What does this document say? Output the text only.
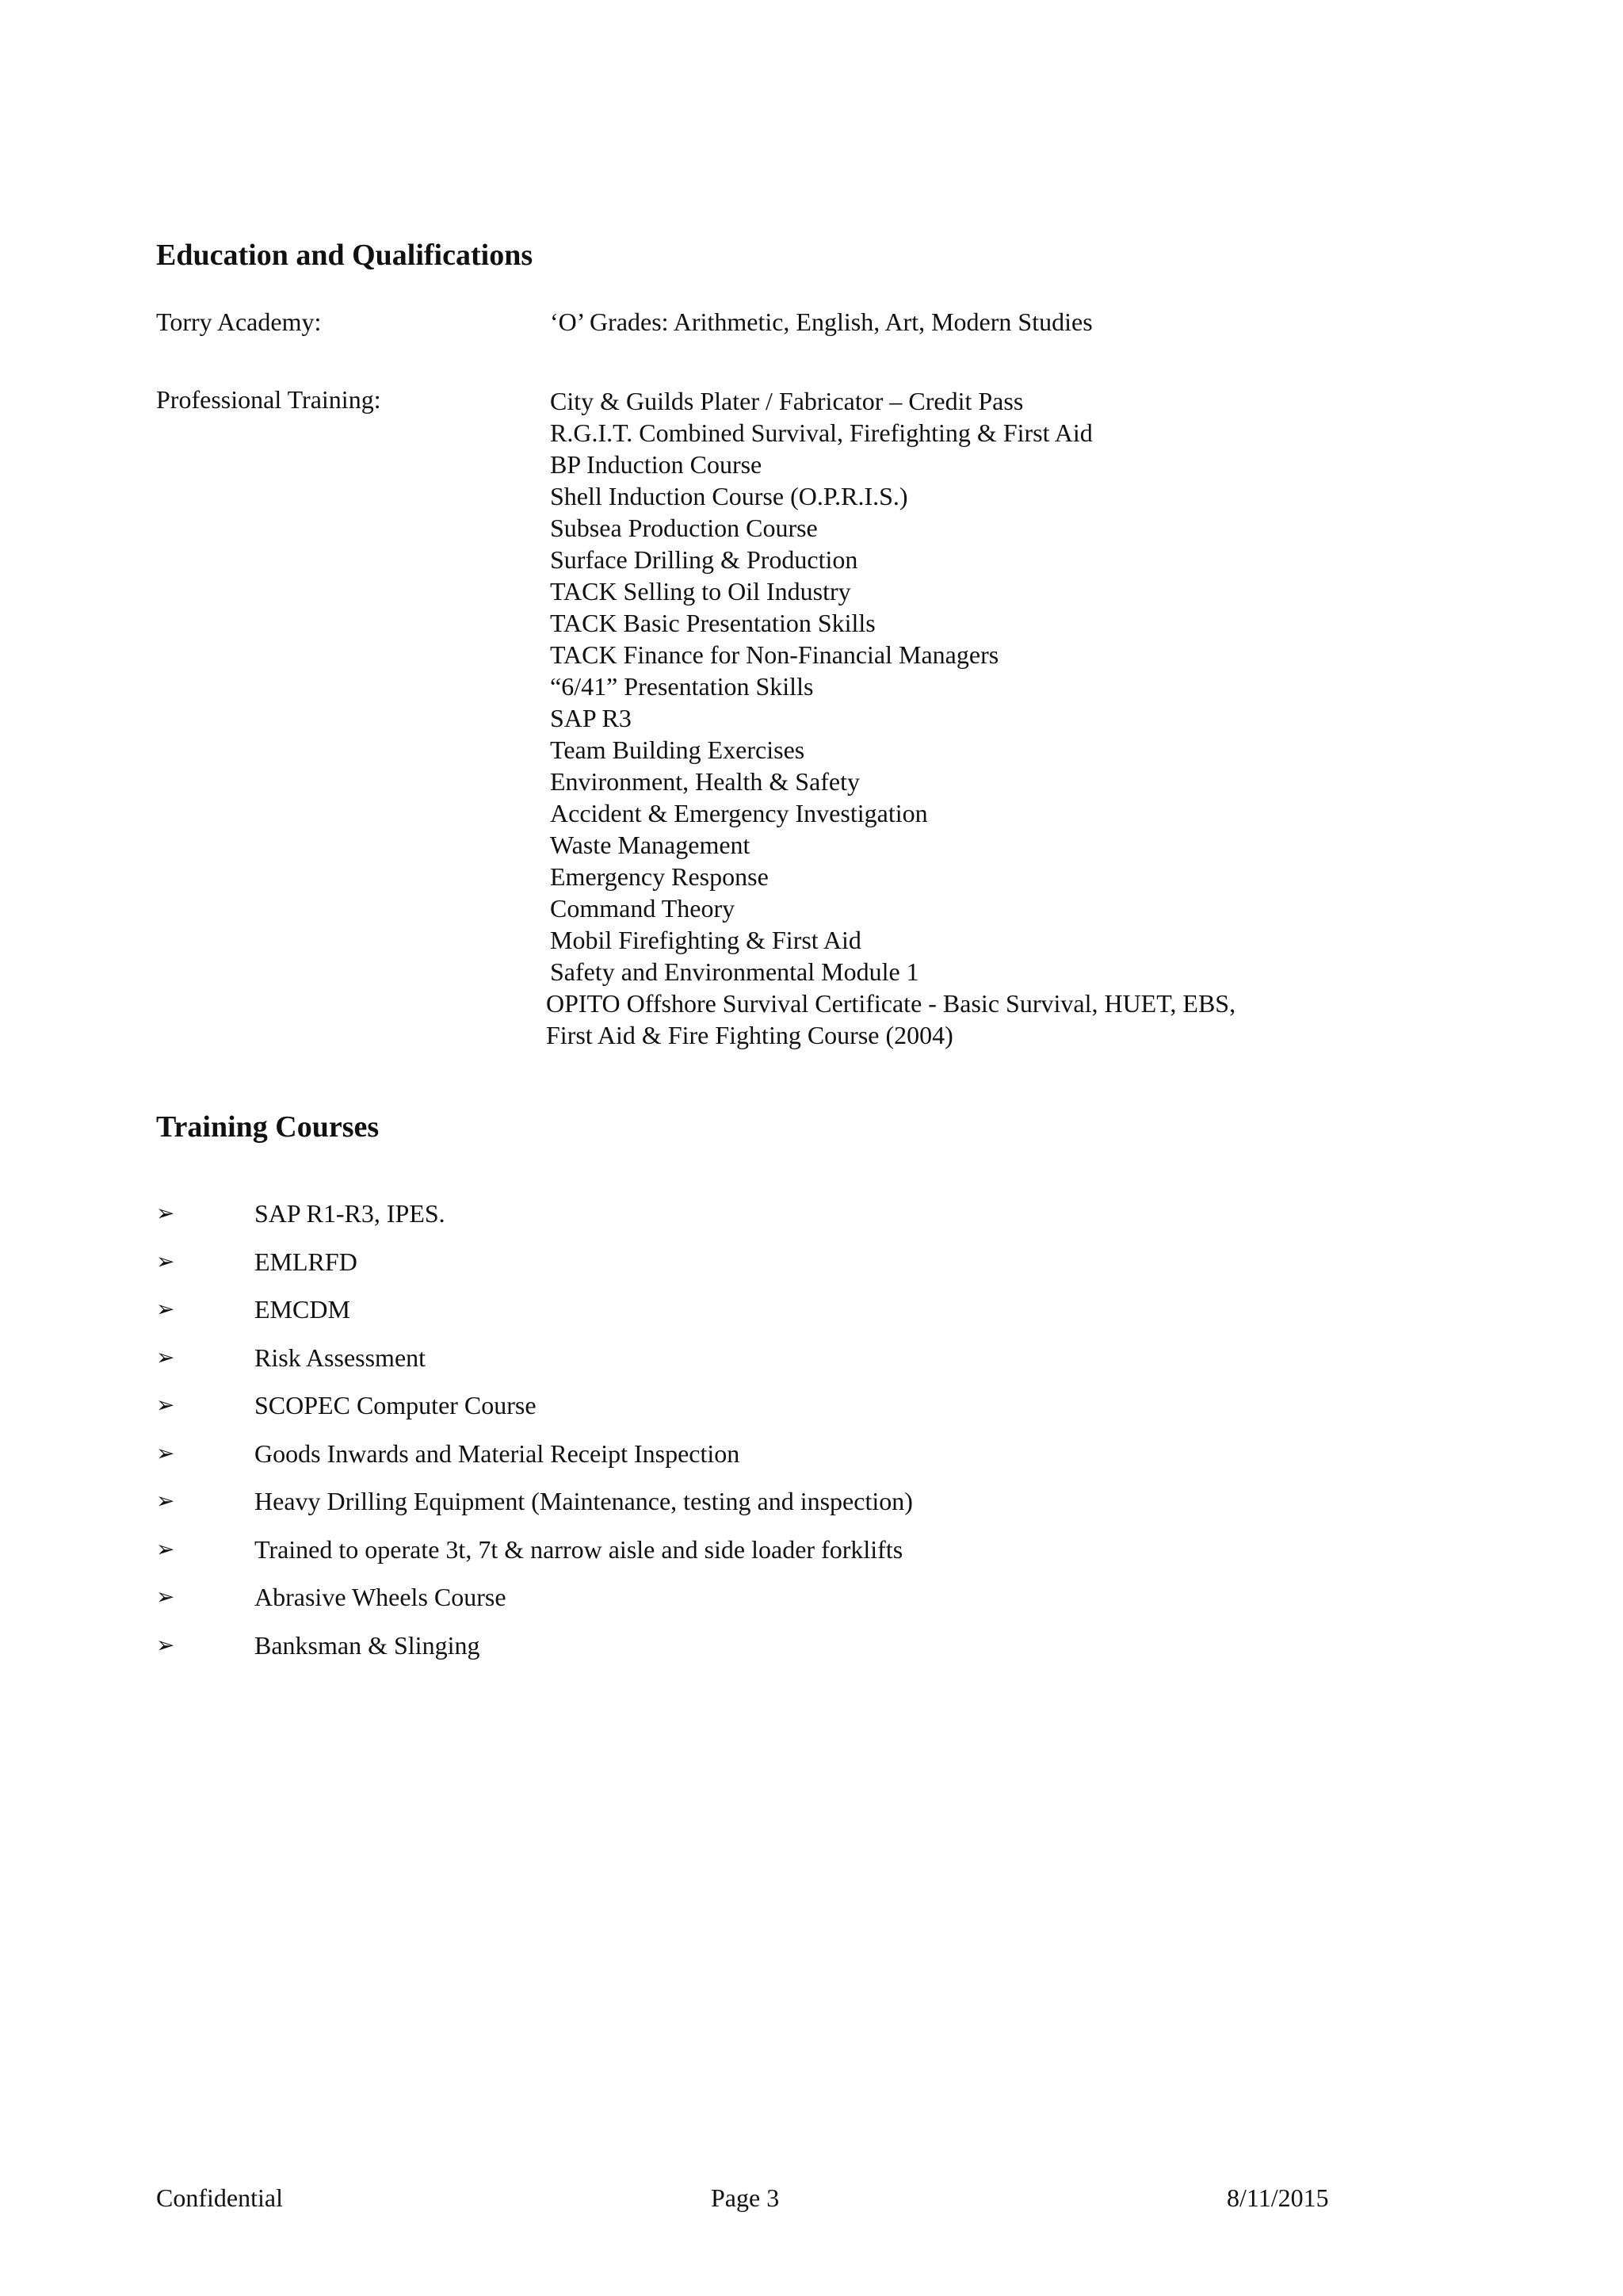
Education and Qualifications
Torry Academy:	‘O’ Grades: Arithmetic, English, Art, Modern Studies
Professional Training:	City & Guilds Plater / Fabricator – Credit Pass
R.G.I.T. Combined Survival, Firefighting & First Aid
BP Induction Course
Shell Induction Course (O.P.R.I.S.)
Subsea Production Course
Surface Drilling & Production
TACK Selling to Oil Industry
TACK Basic Presentation Skills
TACK Finance for Non-Financial Managers
“6/41” Presentation Skills
SAP R3
Team Building Exercises
Environment, Health & Safety
Accident & Emergency Investigation
Waste Management
Emergency Response
Command Theory
Mobil Firefighting & First Aid
Safety and Environmental Module 1
OPITO Offshore Survival Certificate - Basic Survival, HUET, EBS,
First Aid & Fire Fighting Course (2004)
Training Courses
➢	SAP R1-R3, IPES.
➢	EMLRFD
➢	EMCDM
➢	Risk Assessment
➢	SCOPEC Computer Course
➢	Goods Inwards and Material Receipt Inspection
➢	Heavy Drilling Equipment (Maintenance, testing and inspection)
➢	Trained to operate 3t, 7t & narrow aisle and side loader forklifts
➢	Abrasive Wheels Course
➢	Banksman & Slinging
Confidential	Page 3	8/11/2015
